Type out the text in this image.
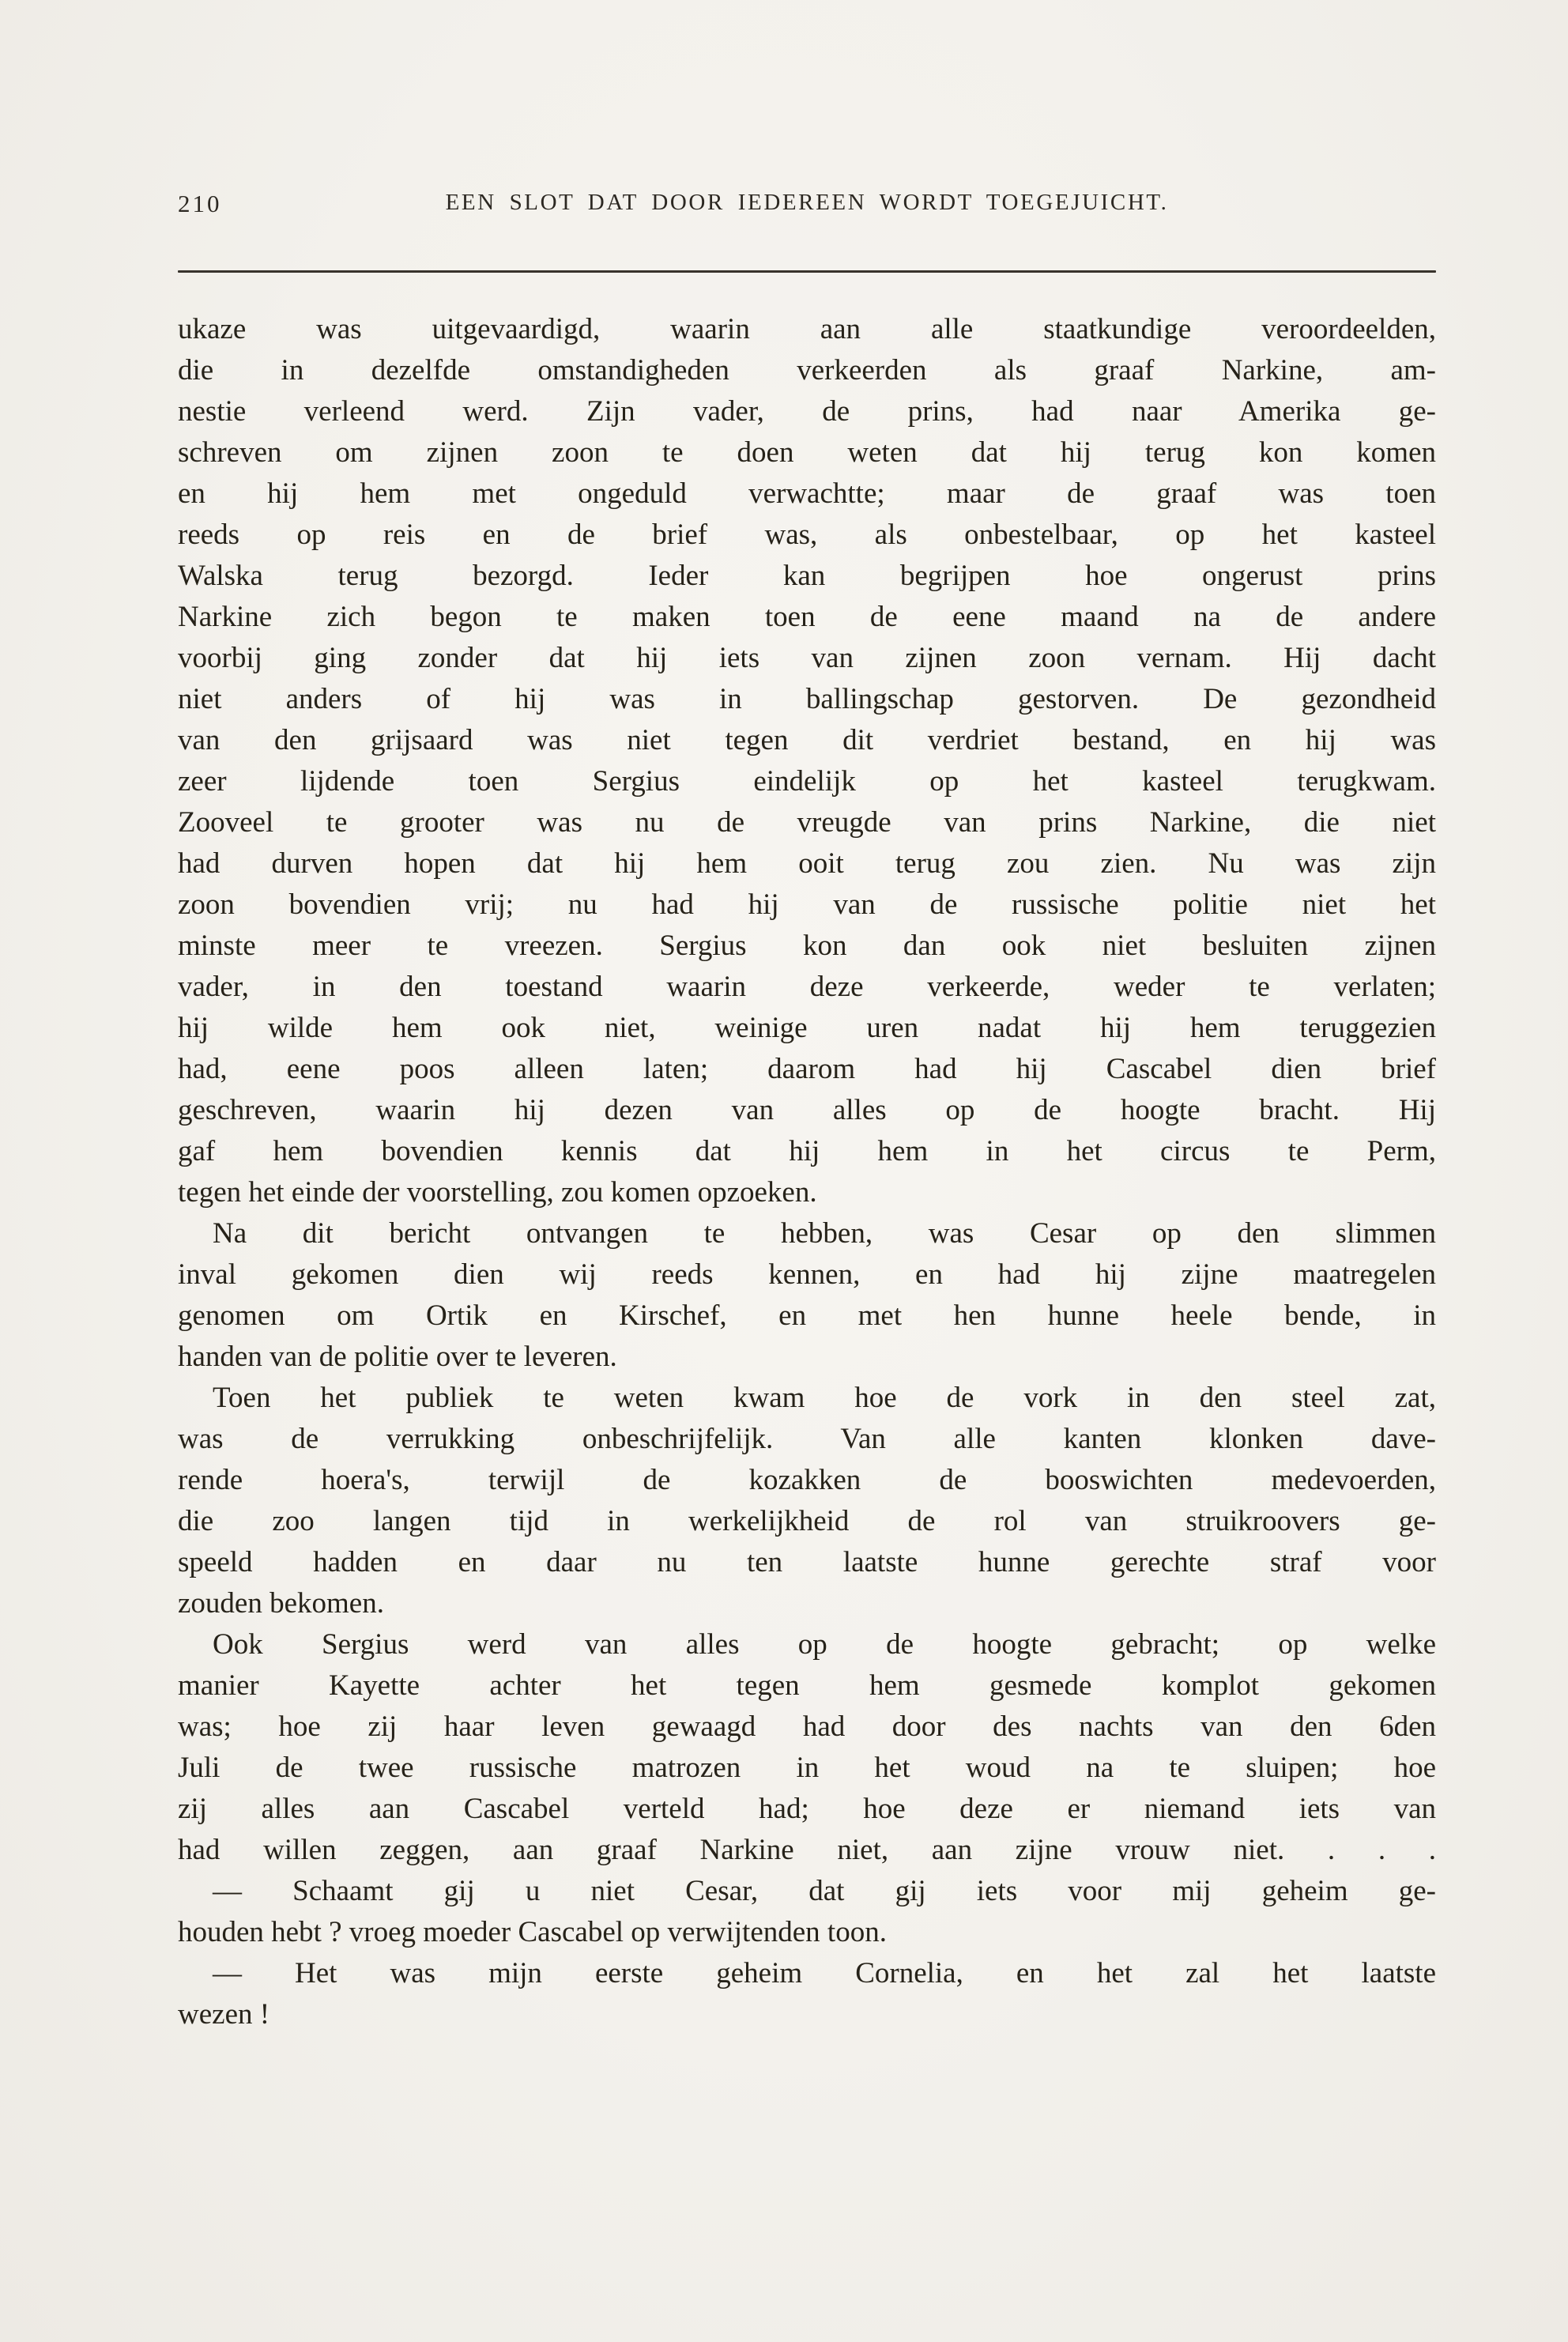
210	EEN SLOT DAT DOOR IEDEREEN WORDT TOEGEJUICHT.
ukaze was uitgevaardigd, waarin aan alle staatkundige veroordeelden,
die in dezelfde omstandigheden verkeerden als graaf Narkine, am-
nestie verleend werd. Zijn vader, de prins, had naar Amerika ge-
schreven om zijnen zoon te doen weten dat hij terug kon komen
en hij hem met ongeduld verwachtte; maar de graaf was toen
reeds op reis en de brief was, als onbestelbaar, op het kasteel
Walska terug bezorgd. Ieder kan begrijpen hoe ongerust prins
Narkine zich begon te maken toen de eene maand na de andere
voorbij ging zonder dat hij iets van zijnen zoon vernam. Hij dacht
niet anders of hij was in ballingschap gestorven. De gezondheid
van den grijsaard was niet tegen dit verdriet bestand, en hij was
zeer lijdende toen Sergius eindelijk op het kasteel terugkwam.
Zooveel te grooter was nu de vreugde van prins Narkine, die niet
had durven hopen dat hij hem ooit terug zou zien. Nu was zijn
zoon bovendien vrij; nu had hij van de russische politie niet het
minste meer te vreezen. Sergius kon dan ook niet besluiten zijnen
vader, in den toestand waarin deze verkeerde, weder te verlaten;
hij wilde hem ook niet, weinige uren nadat hij hem teruggezien
had, eene poos alleen laten; daarom had hij Cascabel dien brief
geschreven, waarin hij dezen van alles op de hoogte bracht. Hij
gaf hem bovendien kennis dat hij hem in het circus te Perm,
tegen het einde der voorstelling, zou komen opzoeken.
Na dit bericht ontvangen te hebben, was Cesar op den slimmen
inval gekomen dien wij reeds kennen, en had hij zijne maatregelen
genomen om Ortik en Kirschef, en met hen hunne heele bende, in
handen van de politie over te leveren.
Toen het publiek te weten kwam hoe de vork in den steel zat,
was de verrukking onbeschrijfelijk. Van alle kanten klonken dave-
rende hoera's, terwijl de kozakken de booswichten medevoerden,
die zoo langen tijd in werkelijkheid de rol van struikroovers ge-
speeld hadden en daar nu ten laatste hunne gerechte straf voor
zouden bekomen.
Ook Sergius werd van alles op de hoogte gebracht; op welke
manier Kayette achter het tegen hem gesmede komplot gekomen
was; hoe zij haar leven gewaagd had door des nachts van den 6den
Juli de twee russische matrozen in het woud na te sluipen; hoe
zij alles aan Cascabel verteld had; hoe deze er niemand iets van
had willen zeggen, aan graaf Narkine niet, aan zijne vrouw niet. . . .
— Schaamt gij u niet Cesar, dat gij iets voor mij geheim ge-
houden hebt ? vroeg moeder Cascabel op verwijtenden toon.
— Het was mijn eerste geheim Cornelia, en het zal het laatste
wezen !
